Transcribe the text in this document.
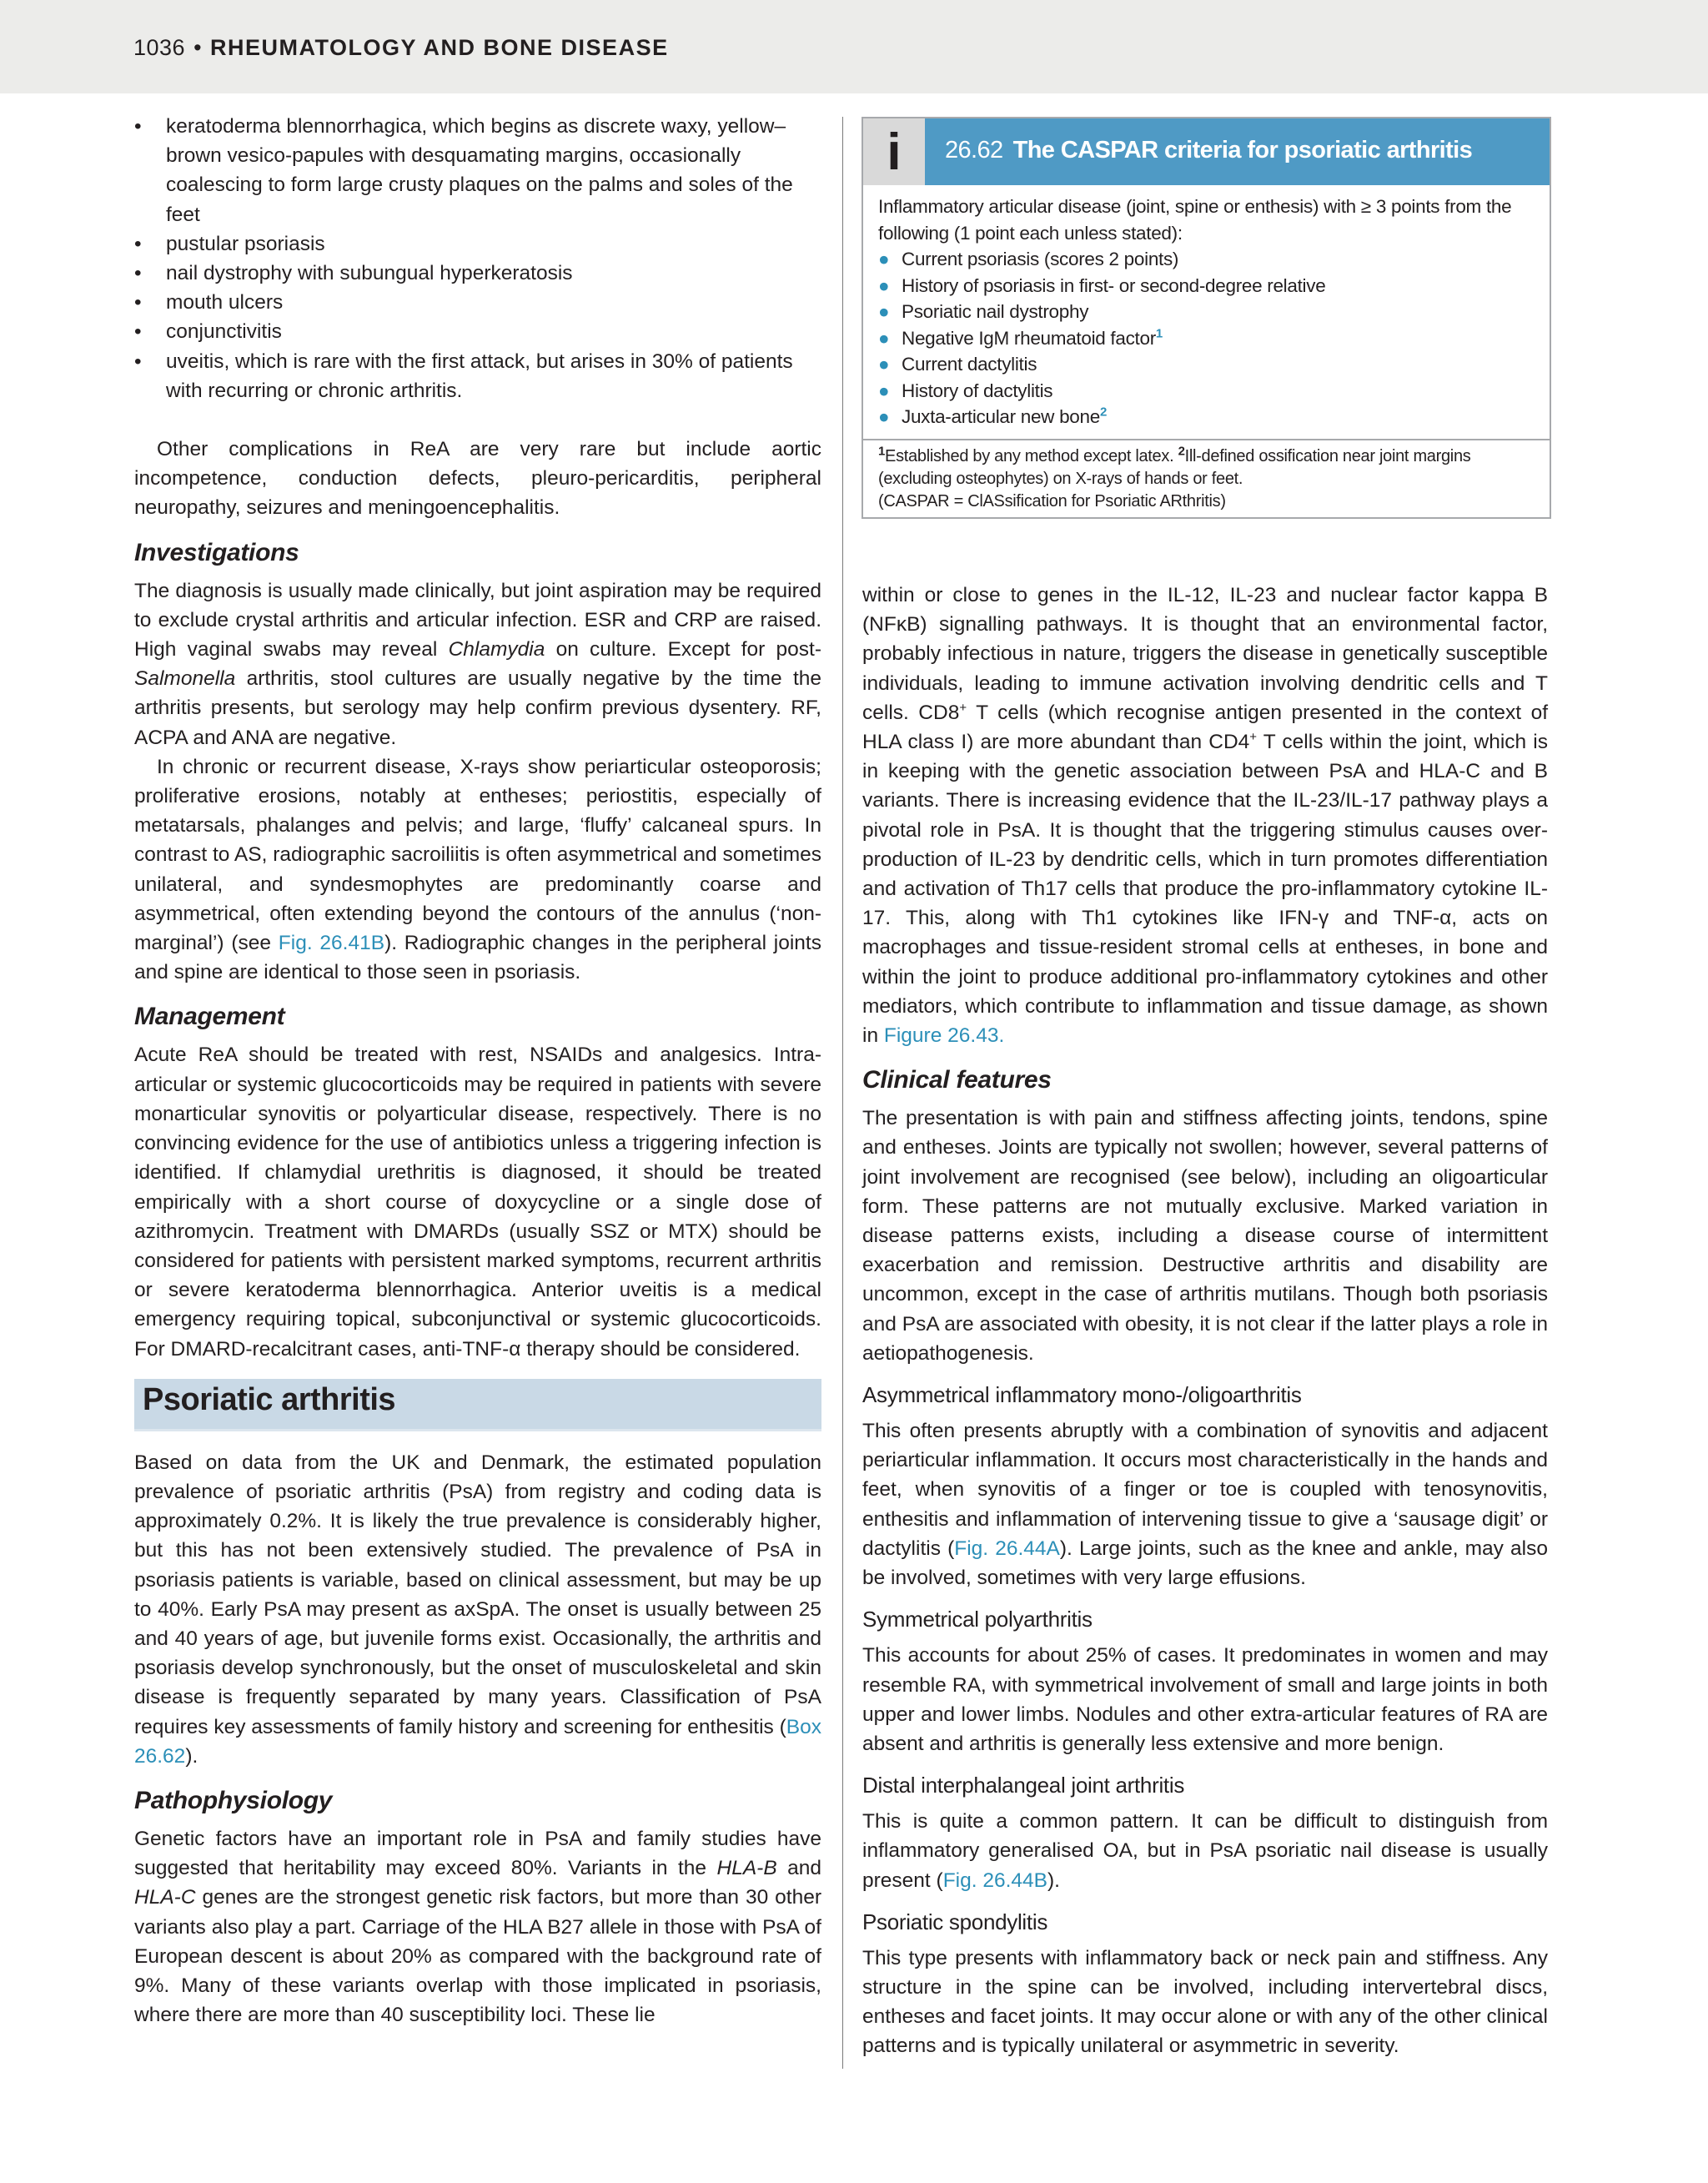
1036 • RHEUMATOLOGY AND BONE DISEASE
• keratoderma blennorrhagica, which begins as discrete waxy, yellow–brown vesico-papules with desquamating margins, occasionally coalescing to form large crusty plaques on the palms and soles of the feet
• pustular psoriasis
• nail dystrophy with subungual hyperkeratosis
• mouth ulcers
• conjunctivitis
• uveitis, which is rare with the first attack, but arises in 30% of patients with recurring or chronic arthritis.

Other complications in ReA are very rare but include aortic incompetence, conduction defects, pleuro-pericarditis, peripheral neuropathy, seizures and meningoencephalitis.

Investigations

The diagnosis is usually made clinically, but joint aspiration may be required to exclude crystal arthritis and articular infection. ESR and CRP are raised. High vaginal swabs may reveal Chlamydia on culture. Except for post-Salmonella arthritis, stool cultures are usually negative by the time the arthritis presents, but serology may help confirm previous dysentery. RF, ACPA and ANA are negative.

In chronic or recurrent disease, X-rays show periarticular osteoporosis; proliferative erosions, notably at entheses; periostitis, especially of metatarsals, phalanges and pelvis; and large, ‘fluffy’ calcaneal spurs. In contrast to AS, radiographic sacroiliitis is often asymmetrical and sometimes unilateral, and syndesmophytes are predominantly coarse and asymmetrical, often extending beyond the contours of the annulus (‘non-marginal’) (see Fig. 26.41B). Radiographic changes in the peripheral joints and spine are identical to those seen in psoriasis.

Management

Acute ReA should be treated with rest, NSAIDs and analgesics. Intra-articular or systemic glucocorticoids may be required in patients with severe monarticular synovitis or polyarticular disease, respectively. There is no convincing evidence for the use of antibiotics unless a triggering infection is identified. If chlamydial urethritis is diagnosed, it should be treated empirically with a short course of doxycycline or a single dose of azithromycin. Treatment with DMARDs (usually SSZ or MTX) should be considered for patients with persistent marked symptoms, recurrent arthritis or severe keratoderma blennorrhagica. Anterior uveitis is a medical emergency requiring topical, subconjunctival or systemic glucocorticoids. For DMARD-recalcitrant cases, anti-TNF-α therapy should be considered.

Psoriatic arthritis

Based on data from the UK and Denmark, the estimated population prevalence of psoriatic arthritis (PsA) from registry and coding data is approximately 0.2%. It is likely the true prevalence is considerably higher, but this has not been extensively studied. The prevalence of PsA in psoriasis patients is variable, based on clinical assessment, but may be up to 40%. Early PsA may present as axSpA. The onset is usually between 25 and 40 years of age, but juvenile forms exist. Occasionally, the arthritis and psoriasis develop synchronously, but the onset of musculoskeletal and skin disease is frequently separated by many years. Classification of PsA requires key assessments of family history and screening for enthesitis (Box 26.62).

Pathophysiology

Genetic factors have an important role in PsA and family studies have suggested that heritability may exceed 80%. Variants in the HLA-B and HLA-C genes are the strongest genetic risk factors, but more than 30 other variants also play a part. Carriage of the HLA B27 allele in those with PsA of European descent is about 20% as compared with the background rate of 9%. Many of these variants overlap with those implicated in psoriasis, where there are more than 40 susceptibility loci. These lie

i	26.62 The CASPAR criteria for psoriatic arthritis

Inflammatory articular disease (joint, spine or enthesis) with ≥ 3 points from the following (1 point each unless stated):

● Current psoriasis (scores 2 points)
● History of psoriasis in first- or second-degree relative
● Psoriatic nail dystrophy
● Negative IgM rheumatoid factor$^1$
● Current dactylitis
● History of dactylitis
● Juxta-articular new bone$^2$
$^1$Established by any method except latex. $^2$Ill-defined ossification near joint margins (excluding osteophytes) on X-rays of hands or feet.
(CASPAR = ClASsification for Psoriatic ARthritis)

within or close to genes in the IL-12, IL-23 and nuclear factor kappa B (NFκB) signalling pathways. It is thought that an environmental factor, probably infectious in nature, triggers the disease in genetically susceptible individuals, leading to immune activation involving dendritic cells and T cells. CD8+ T cells (which recognise antigen presented in the context of HLA class I) are more abundant than CD4+ T cells within the joint, which is in keeping with the genetic association between PsA and HLA-C and B variants. There is increasing evidence that the IL-23/IL-17 pathway plays a pivotal role in PsA. It is thought that the triggering stimulus causes over-production of IL-23 by dendritic cells, which in turn promotes differentiation and activation of Th17 cells that produce the pro-inflammatory cytokine IL-17. This, along with Th1 cytokines like IFN-γ and TNF-α, acts on macrophages and tissue-resident stromal cells at entheses, in bone and within the joint to produce additional pro-inflammatory cytokines and other mediators, which contribute to inflammation and tissue damage, as shown in Figure 26.43.

Clinical features

The presentation is with pain and stiffness affecting joints, tendons, spine and entheses. Joints are typically not swollen; however, several patterns of joint involvement are recognised (see below), including an oligoarticular form. These patterns are not mutually exclusive. Marked variation in disease patterns exists, including a disease course of intermittent exacerbation and remission. Destructive arthritis and disability are uncommon, except in the case of arthritis mutilans. Though both psoriasis and PsA are associated with obesity, it is not clear if the latter plays a role in aetiopathogenesis.

Asymmetrical inflammatory mono-/oligoarthritis

This often presents abruptly with a combination of synovitis and adjacent periarticular inflammation. It occurs most characteristically in the hands and feet, when synovitis of a finger or toe is coupled with tenosynovitis, enthesitis and inflammation of intervening tissue to give a ‘sausage digit’ or dactylitis (Fig. 26.44A). Large joints, such as the knee and ankle, may also be involved, sometimes with very large effusions.

Symmetrical polyarthritis

This accounts for about 25% of cases. It predominates in women and may resemble RA, with symmetrical involvement of small and large joints in both upper and lower limbs. Nodules and other extra-articular features of RA are absent and arthritis is generally less extensive and more benign.

Distal interphalangeal joint arthritis

This is quite a common pattern. It can be difficult to distinguish from inflammatory generalised OA, but in PsA psoriatic nail disease is usually present (Fig. 26.44B).

Psoriatic spondylitis

This type presents with inflammatory back or neck pain and stiffness. Any structure in the spine can be involved, including intervertebral discs, entheses and facet joints. It may occur alone or with any of the other clinical patterns and is typically unilateral or asymmetric in severity.
